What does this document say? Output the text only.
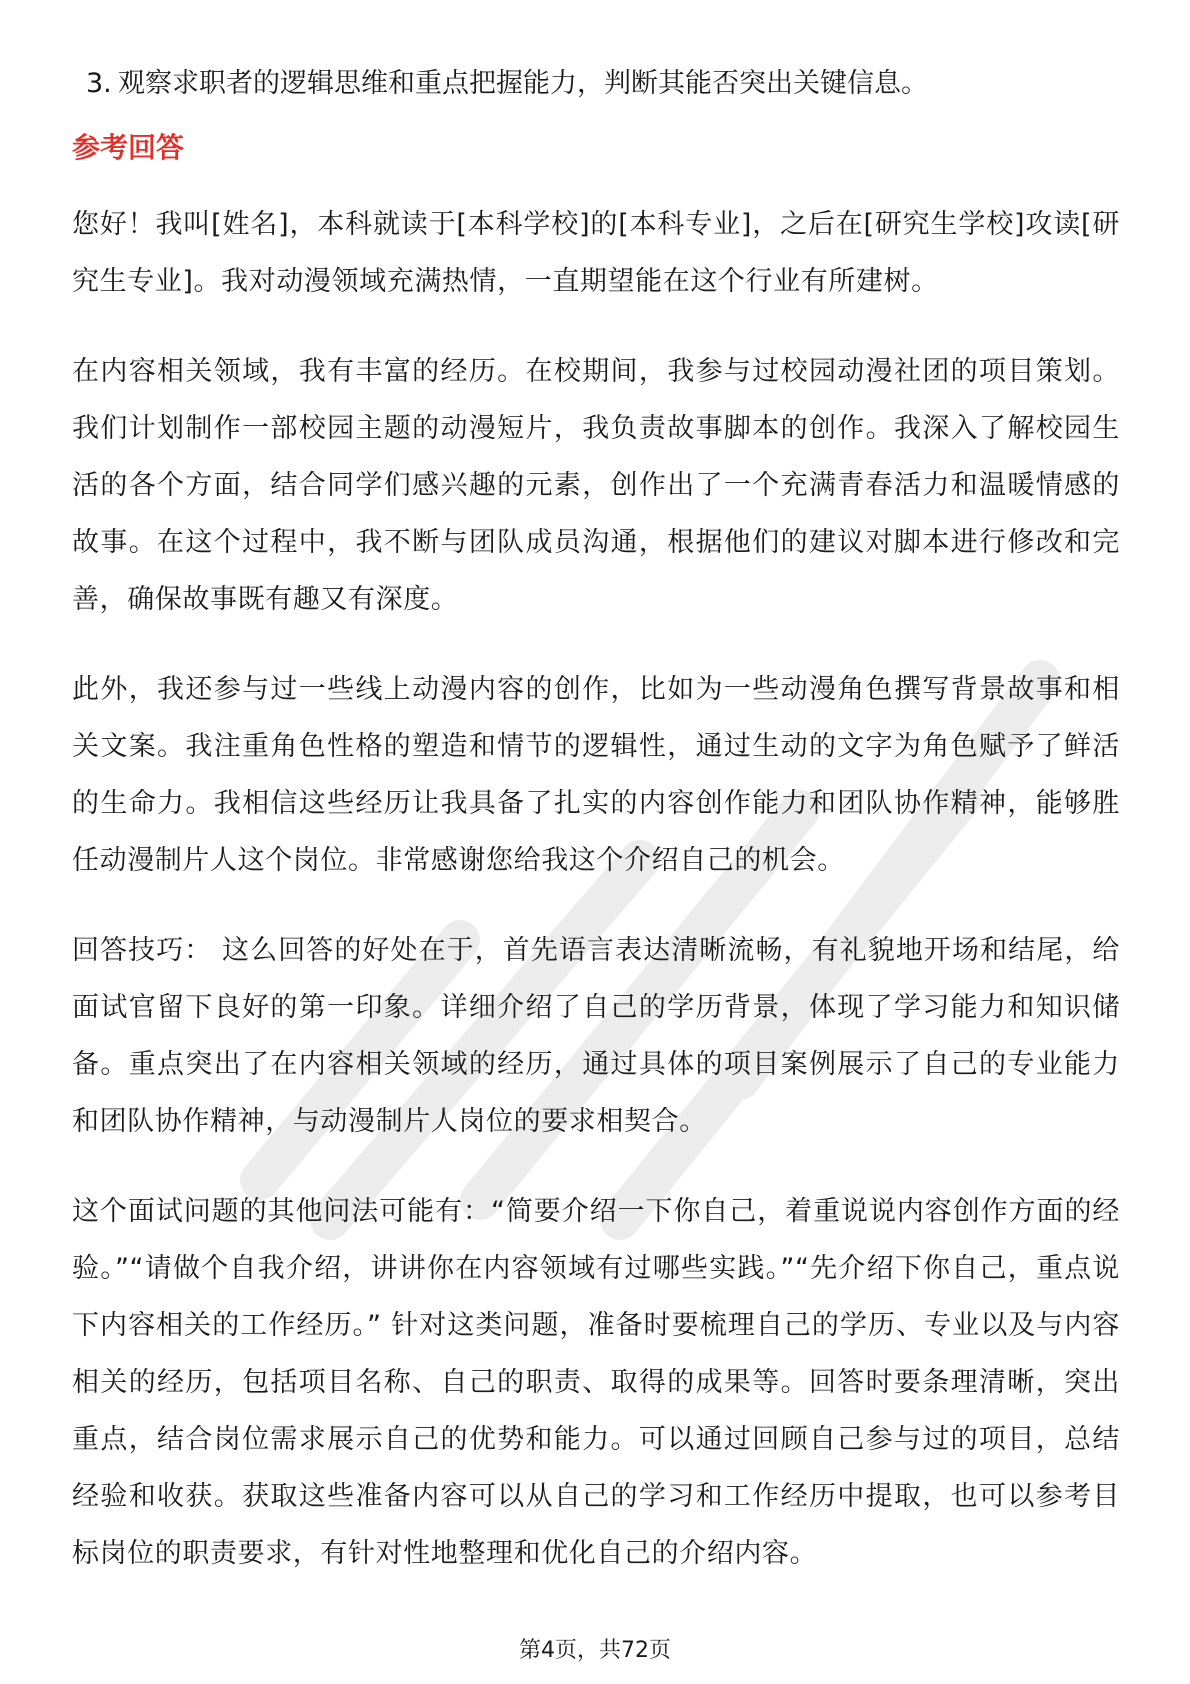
3. 观察求职者的逻辑思维和重点把握能力，判断其能否突出关键信息。
参考回答

您好！我叫[姓名]，本科就读于[本科学校]的[本科专业]，之后在[研究生学校]攻读[研究生专业]。我对动漫领域充满热情，一直期望能在这个行业有所建树。

在内容相关领域，我有丰富的经历。在校期间，我参与过校园动漫社团的项目策划。我们计划制作一部校园主题的动漫短片，我负责故事脚本的创作。我深入了解校园生活的各个方面，结合同学们感兴趣的元素，创作出了一个充满青春活力和温暖情感的故事。在这个过程中，我不断与团队成员沟通，根据他们的建议对脚本进行修改和完善，确保故事既有趣又有深度。

此外，我还参与过一些线上动漫内容的创作，比如为一些动漫角色撰写背景故事和相关文案。我注重角色性格的塑造和情节的逻辑性，通过生动的文字为角色赋予了鲜活的生命力。我相信这些经历让我具备了扎实的内容创作能力和团队协作精神，能够胜任动漫制片人这个岗位。非常感谢您给我这个介绍自己的机会。

回答技巧： 这么回答的好处在于，首先语言表达清晰流畅，有礼貌地开场和结尾，给面试官留下良好的第一印象。详细介绍了自己的学历背景，体现了学习能力和知识储备。重点突出了在内容相关领域的经历，通过具体的项目案例展示了自己的专业能力和团队协作精神，与动漫制片人岗位的要求相契合。

这个面试问题的其他问法可能有：“简要介绍一下你自己，着重说说内容创作方面的经验。”“请做个自我介绍，讲讲你在内容领域有过哪些实践。”“先介绍下你自己，重点说下内容相关的工作经历。” 针对这类问题，准备时要梳理自己的学历、专业以及与内容相关的经历，包括项目名称、自己的职责、取得的成果等。回答时要条理清晰，突出重点，结合岗位需求展示自己的优势和能力。可以通过回顾自己参与过的项目，总结经验和收获。获取这些准备内容可以从自己的学习和工作经历中提取，也可以参考目标岗位的职责要求，有针对性地整理和优化自己的介绍内容。

第4页，共72页
